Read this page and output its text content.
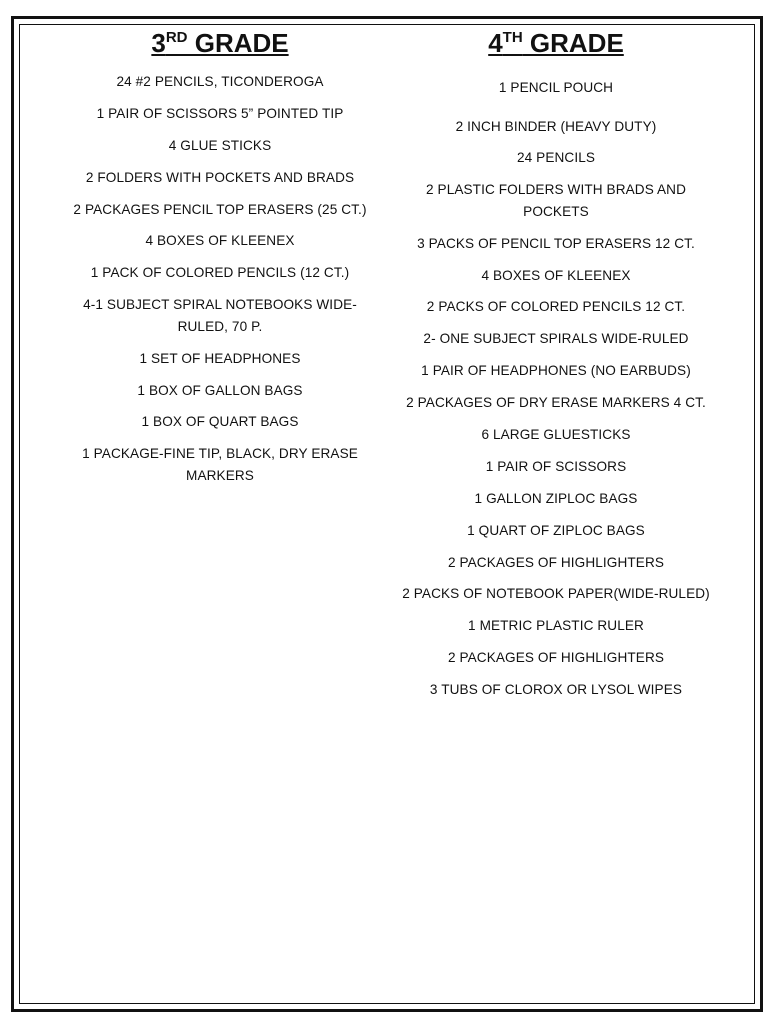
3RD GRADE
24 #2 PENCILS, TICONDEROGA
1 PAIR OF SCISSORS 5” POINTED TIP
4 GLUE STICKS
2 FOLDERS WITH POCKETS AND BRADS
2 PACKAGES PENCIL TOP ERASERS (25 CT.)
4 BOXES OF KLEENEX
1 PACK OF COLORED PENCILS (12 CT.)
4-1 SUBJECT SPIRAL NOTEBOOKS WIDE-RULED, 70 P.
1 SET OF HEADPHONES
1 BOX OF GALLON BAGS
1 BOX OF QUART BAGS
1 PACKAGE-FINE TIP, BLACK, DRY ERASE MARKERS
4TH GRADE
1 PENCIL POUCH
2 INCH BINDER (HEAVY DUTY)
24 PENCILS
2 PLASTIC FOLDERS WITH BRADS AND POCKETS
3 PACKS OF PENCIL TOP ERASERS 12 CT.
4 BOXES OF KLEENEX
2 PACKS OF COLORED PENCILS 12 CT.
2- ONE SUBJECT SPIRALS WIDE-RULED
1 PAIR OF HEADPHONES (NO EARBUDS)
2 PACKAGES OF DRY ERASE MARKERS 4 CT.
6 LARGE GLUESTICKS
1 PAIR OF SCISSORS
1 GALLON ZIPLOC BAGS
1 QUART OF ZIPLOC BAGS
2 PACKAGES OF HIGHLIGHTERS
2 PACKS OF NOTEBOOK PAPER(WIDE-RULED)
1 METRIC PLASTIC RULER
2 PACKAGES OF HIGHLIGHTERS
3 TUBS OF CLOROX OR LYSOL WIPES
